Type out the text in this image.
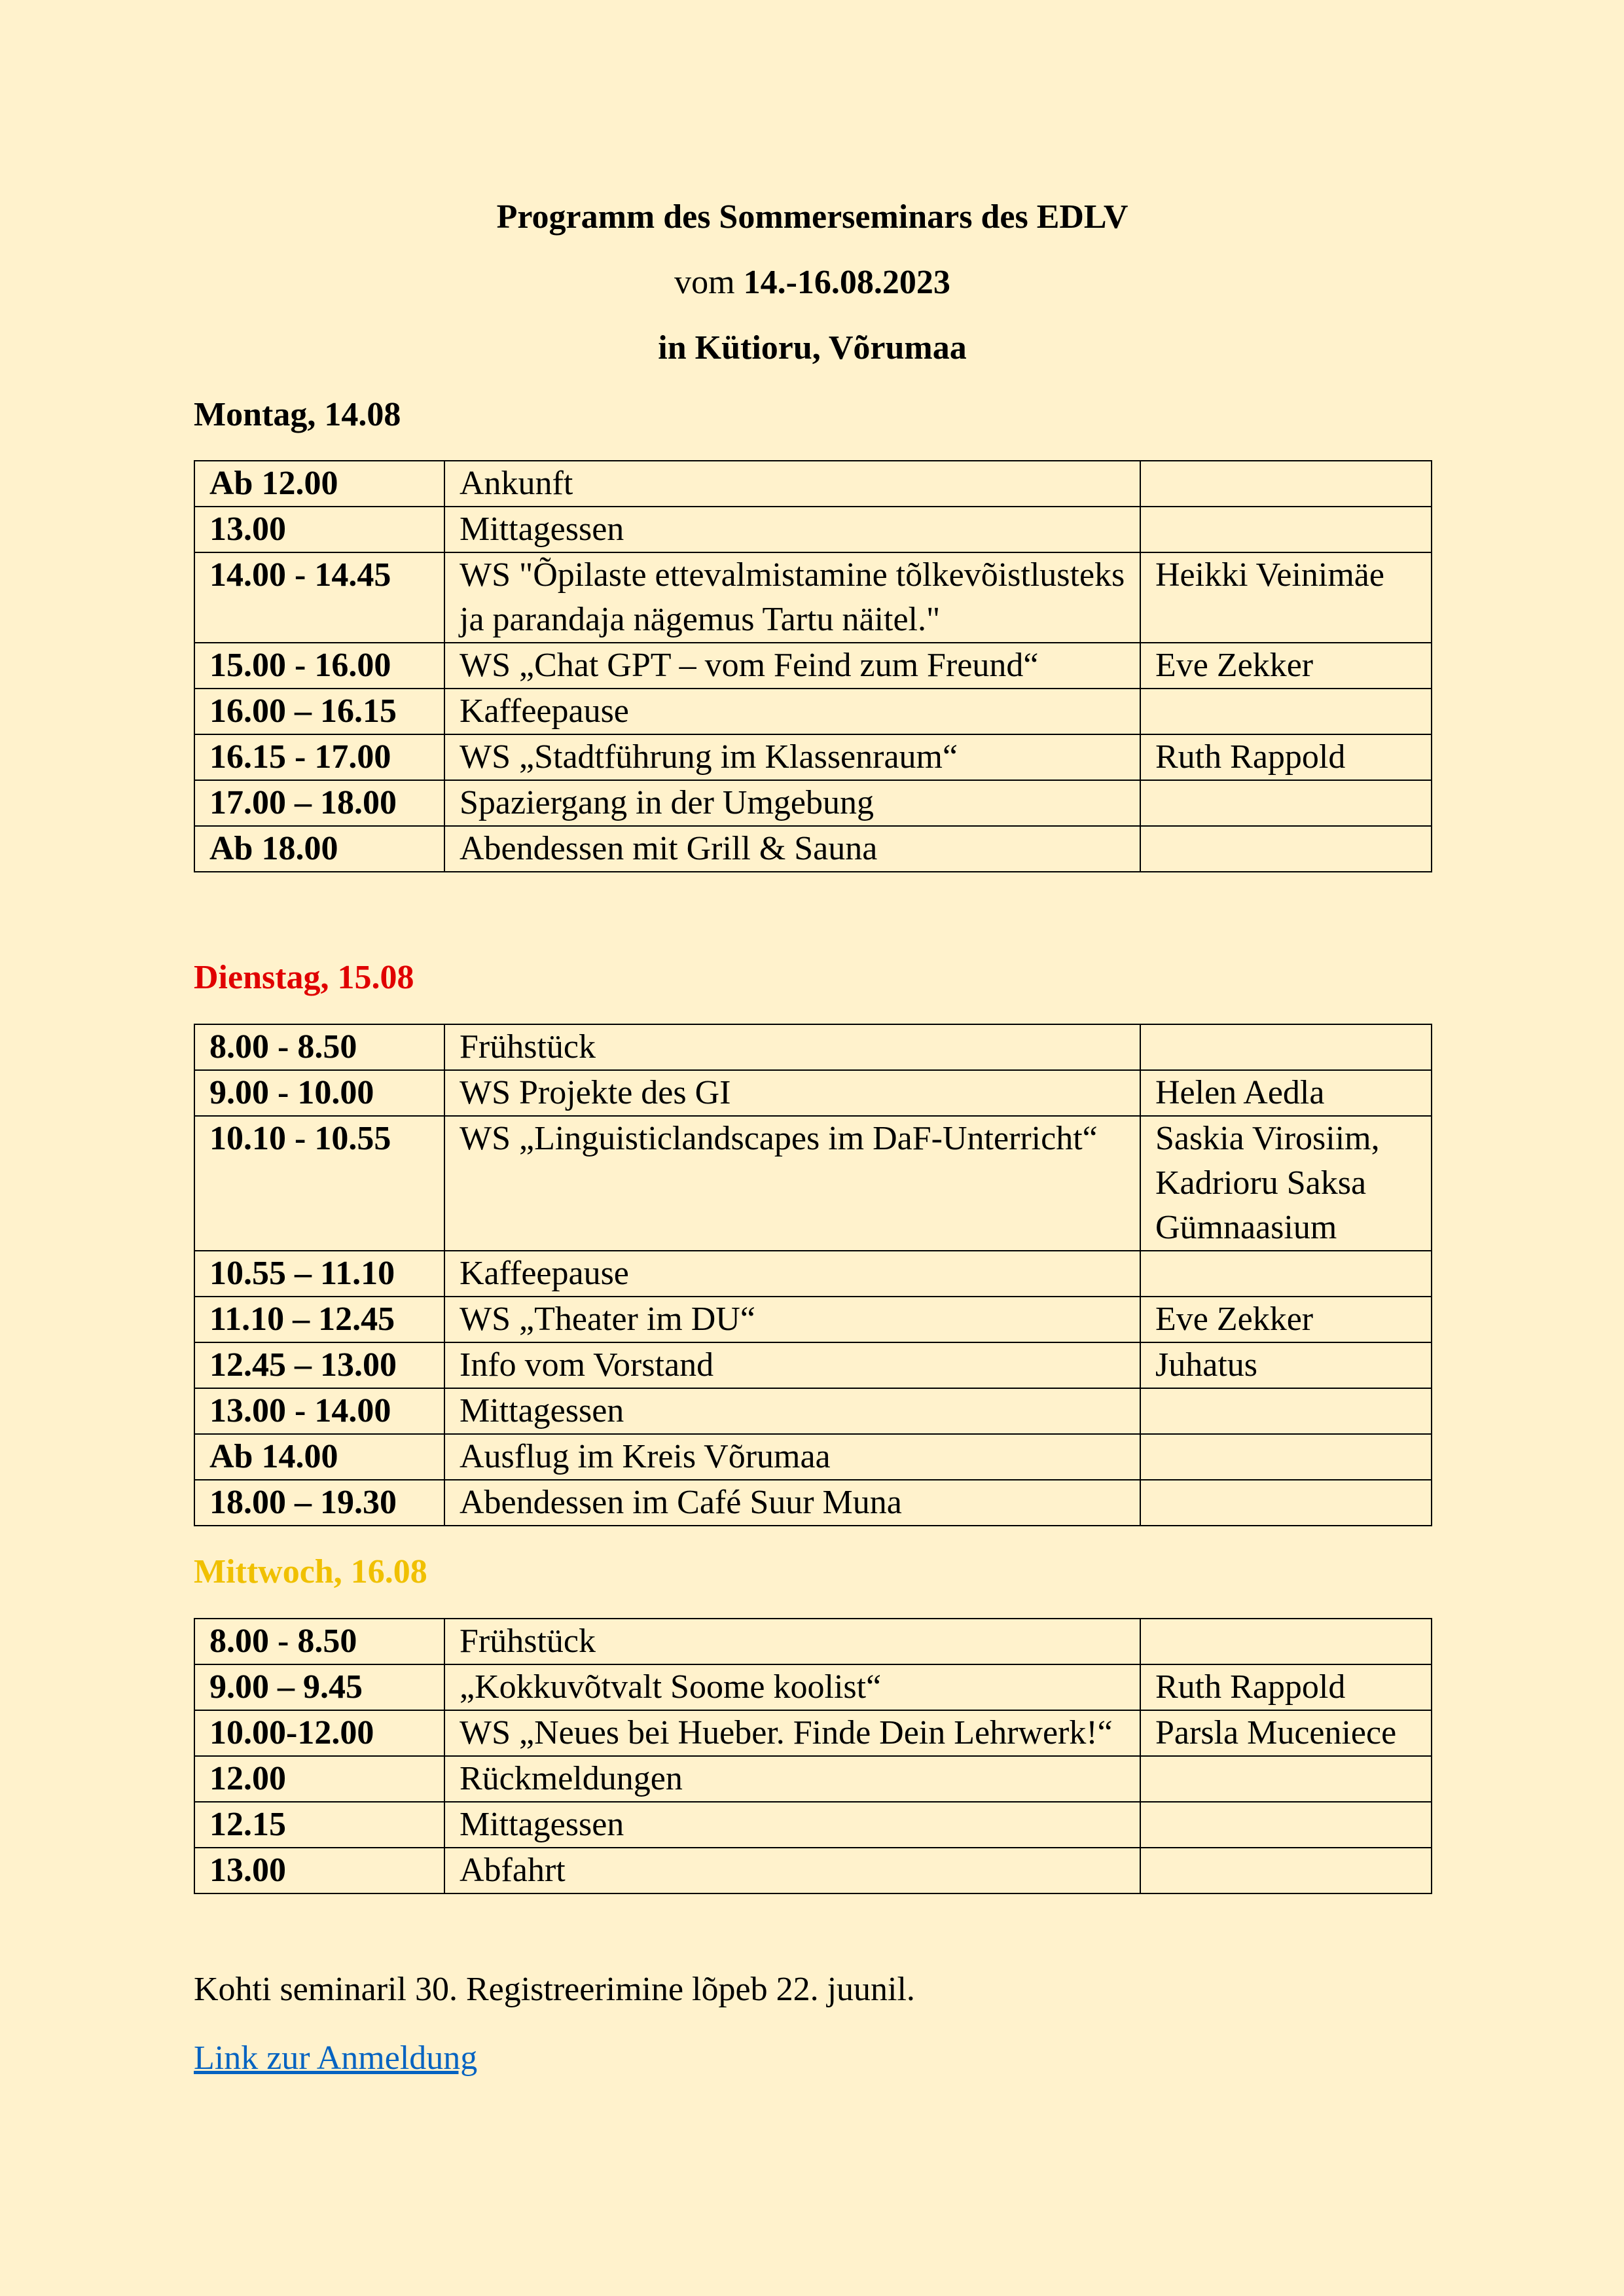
Programm des Sommerseminars des EDLV

vom 14.-16.08.2023

in Kütioru, Võrumaa

Montag, 14.08

Ab 12.00	Ankunft	
13.00	Mittagessen	
14.00 - 14.45	WS "Õpilaste ettevalmistamine tõlkevõistlusteks ja parandaja nägemus Tartu näitel."	Heikki Veinimäe
15.00 - 16.00	WS „Chat GPT – vom Feind zum Freund“	Eve Zekker
16.00 – 16.15	Kaffeepause	
16.15 - 17.00	WS „Stadtführung im Klassenraum“	Ruth Rappold
17.00 – 18.00	Spaziergang in der Umgebung	
Ab 18.00	Abendessen mit Grill & Sauna	

Dienstag, 15.08

8.00 - 8.50	Frühstück	
9.00 - 10.00	WS Projekte des GI	Helen Aedla
10.10 - 10.55	WS „Linguisticlandscapes im DaF-Unterricht“	Saskia Virosiim, Kadrioru Saksa Gümnaasium
10.55 – 11.10	Kaffeepause	
11.10 – 12.45	WS „Theater im DU“	Eve Zekker
12.45 – 13.00	Info vom Vorstand	Juhatus
13.00 - 14.00	Mittagessen	
Ab 14.00	Ausflug im Kreis Võrumaa	
18.00 – 19.30	Abendessen im Café Suur Muna	

Mittwoch, 16.08

8.00 - 8.50	Frühstück	
9.00 – 9.45	„Kokkuvõtvalt Soome koolist“	Ruth Rappold
10.00-12.00	WS „Neues bei Hueber. Finde Dein Lehrwerk!“	Parsla Muceniece
12.00	Rückmeldungen	
12.15	Mittagessen	
13.00	Abfahrt	

Kohti seminaril 30. Registreerimine lõpeb 22. juunil.

Link zur Anmeldung
